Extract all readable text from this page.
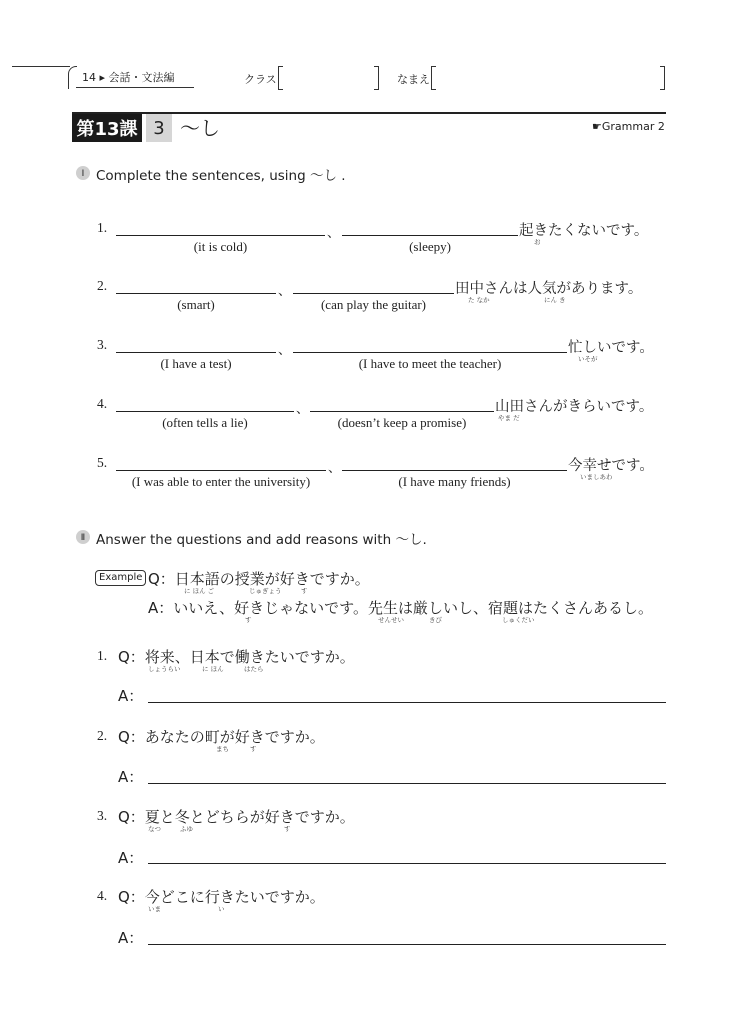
14 ▸ 会話・文法編	クラス	なまえ
第13課 3 〜し	☛Grammar 2
Ⅰ Complete the sentences, using 〜し .
1.	、
(it is cold)	(sleepy)
起きたくないです。
お
2.	、
(smart)	(can play the guitar)
田中さんは人気があります。
た なか	にん き
3.	、
(I have a test)	(I have to meet the teacher)
忙しいです。
いそが
4.	、
(often tells a lie)	(doesn’t keep a promise)
山田さんがきらいです。
やま だ
5.	、
(I was able to enter the university)	(I have many friends)
今幸せです。
いましあわ
Ⅱ Answer the questions and add reasons with 〜し.
Example Q：日本語の授業が好きですか。
に ほん ご	じゅぎょう	す
A：いいえ、好きじゃないです。先生は厳しいし、宿題はたくさんあるし。
す	せんせい	きび	しゅくだい
1. Q：将来、日本で働きたいですか。
しょうらい	に ほん	はたら
A：
2. Q：あなたの町が好きですか。
まち	す
A：
3. Q：夏と冬とどちらが好きですか。
なつ	ふゆ	す
A：
4. Q：今どこに行きたいですか。
いま	い
A：
